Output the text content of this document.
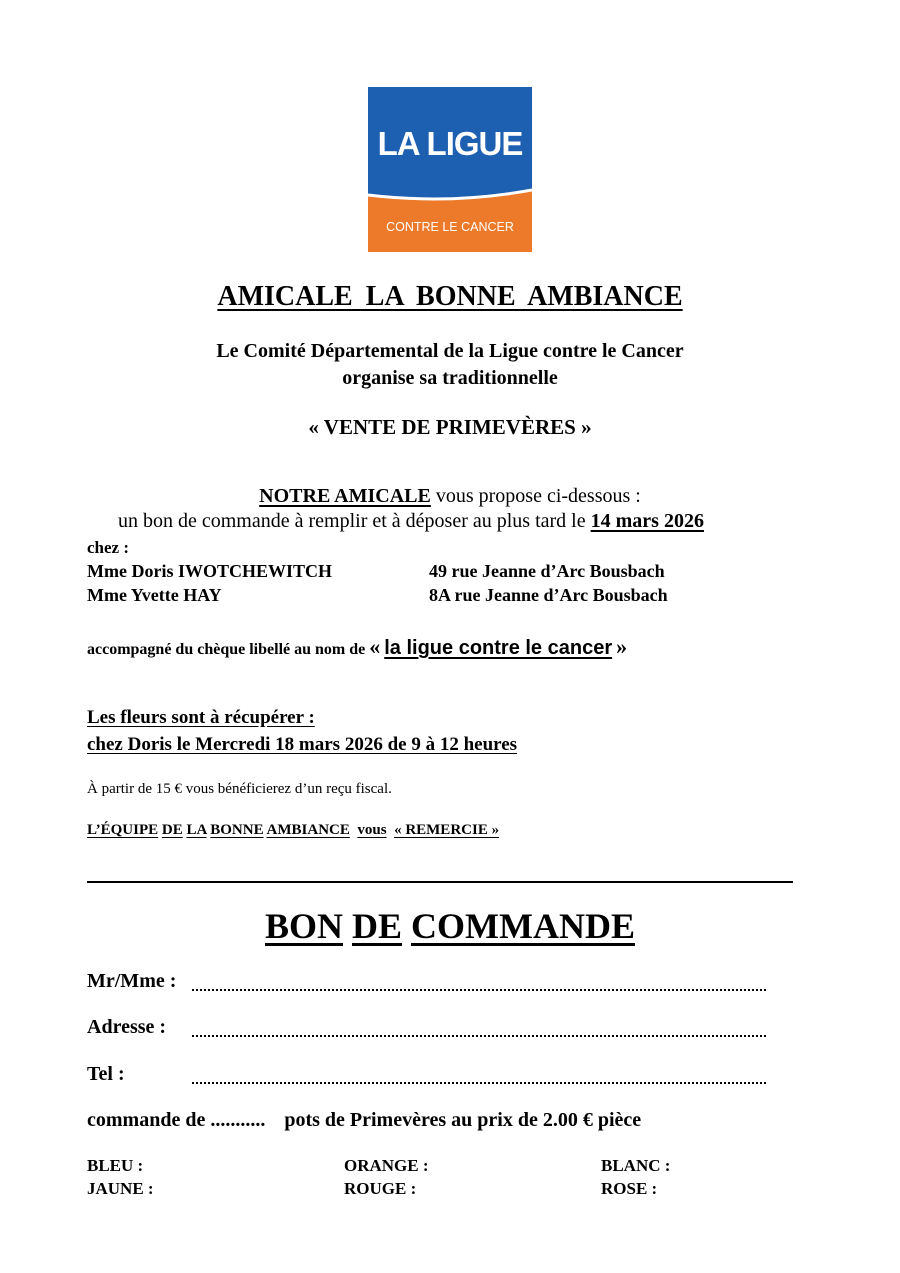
LA LIGUE
CONTRE LE CANCER
AMICALE LA BONNE AMBIANCE
Le Comité Départemental de la Ligue contre le Cancer
organise sa traditionnelle
« VENTE DE PRIMEVÈRES »
NOTRE AMICALE vous propose ci-dessous :
un bon de commande à remplir et à déposer au plus tard le 14 mars 2026
chez :
Mme Doris IWOTCHEWITCH	49 rue Jeanne d’Arc Bousbach
Mme Yvette HAY	8A rue Jeanne d’Arc Bousbach
accompagné du chèque libellé au nom de « la ligue contre le cancer »
Les fleurs sont à récupérer :
chez Doris le Mercredi 18 mars 2026 de 9 à 12 heures
À partir de 15 € vous bénéficierez d’un reçu fiscal.
L’ÉQUIPE DE LA BONNE AMBIANCE vous « REMERCIE »
BON DE COMMANDE
Mr/Mme :
Adresse :
Tel :
commande de ........... pots de Primevères au prix de 2.00 € pièce
BLEU :	ORANGE :	BLANC :
JAUNE :	ROUGE :	ROSE :
